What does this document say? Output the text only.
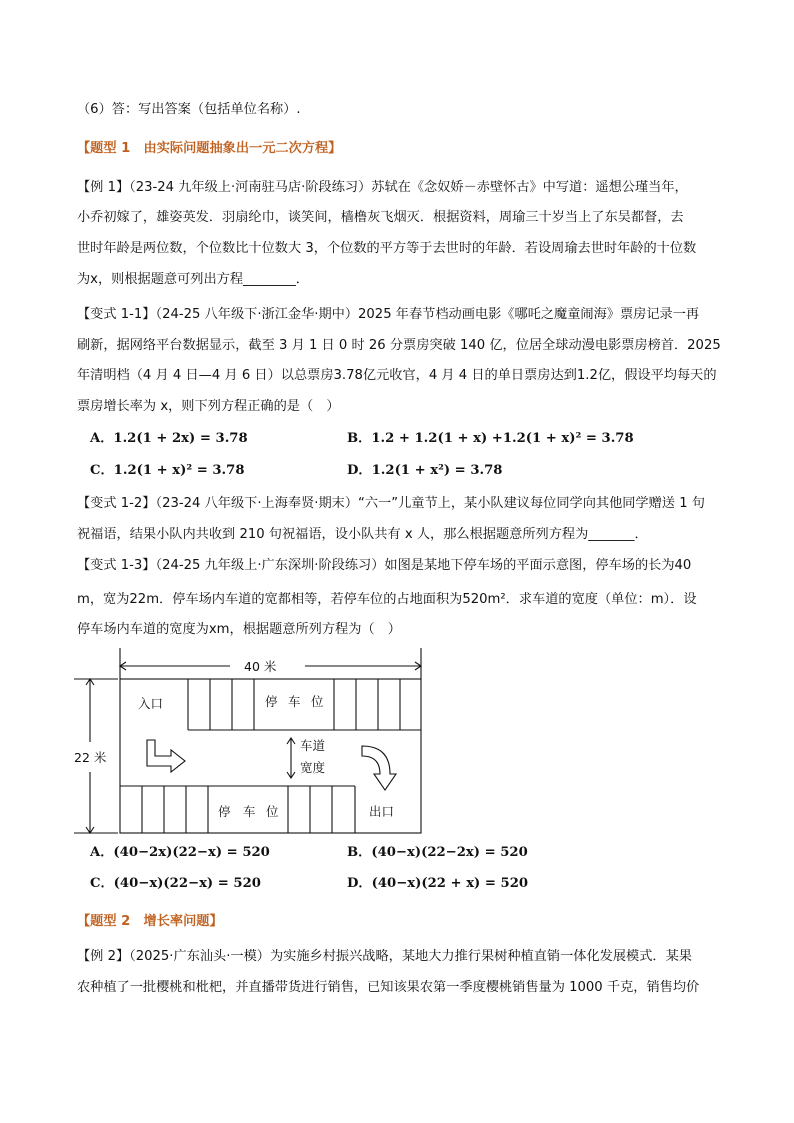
（6）答：写出答案（包括单位名称）.
【题型 1　由实际问题抽象出一元二次方程】
【例 1】（23-24 九年级上·河南驻马店·阶段练习）苏轼在《念奴娇－赤壁怀古》中写道：遥想公瑾当年，
小乔初嫁了，雄姿英发．羽扇纶巾，谈笑间，樯橹灰飞烟灭．根据资料，周瑜三十岁当上了东吴都督，去
世时年龄是两位数，个位数比十位数大 3，个位数的平方等于去世时的年龄．若设周瑜去世时年龄的十位数
为x，则根据题意可列出方程________．
【变式 1-1】（24-25 八年级下·浙江金华·期中）2025 年春节档动画电影《哪吒之魔童闹海》票房记录一再
刷新，据网络平台数据显示，截至 3 月 1 日 0 时 26 分票房突破 140 亿，位居全球动漫电影票房榜首．2025
年清明档（4 月 4 日—4 月 6 日）以总票房3.78亿元收官，4 月 4 日的单日票房达到1.2亿，假设平均每天的
票房增长率为 x，则下列方程正确的是（　）
A．1.2(1 + 2x) = 3.78	B．1.2 + 1.2(1 + x) +1.2(1 + x)² = 3.78
C．1.2(1 + x)² = 3.78	D．1.2(1 + x²) = 3.78
【变式 1-2】（23-24 八年级下·上海奉贤·期末）“六一”儿童节上，某小队建议每位同学向其他同学赠送 1 句
祝福语，结果小队内共收到 210 句祝福语，设小队共有 x 人，那么根据题意所列方程为_______．
【变式 1-3】（24-25 九年级上·广东深圳·阶段练习）如图是某地下停车场的平面示意图，停车场的长为40
m，宽为22m．停车场内车道的宽都相等，若停车位的占地面积为520m²．求车道的宽度（单位：m）．设
停车场内车道的宽度为xm，根据题意所列方程为（　）
40 米
22 米
入口
出口
车道
宽度
停 车 位
停 车 位
A．(40−2x)(22−x) = 520	B．(40−x)(22−2x) = 520
C．(40−x)(22−x) = 520	D．(40−x)(22 + x) = 520
【题型 2　增长率问题】
【例 2】（2025·广东汕头·一模）为实施乡村振兴战略，某地大力推行果树种植直销一体化发展模式．某果
农种植了一批樱桃和枇杷，并直播带货进行销售，已知该果农第一季度樱桃销售量为 1000 千克，销售均价
